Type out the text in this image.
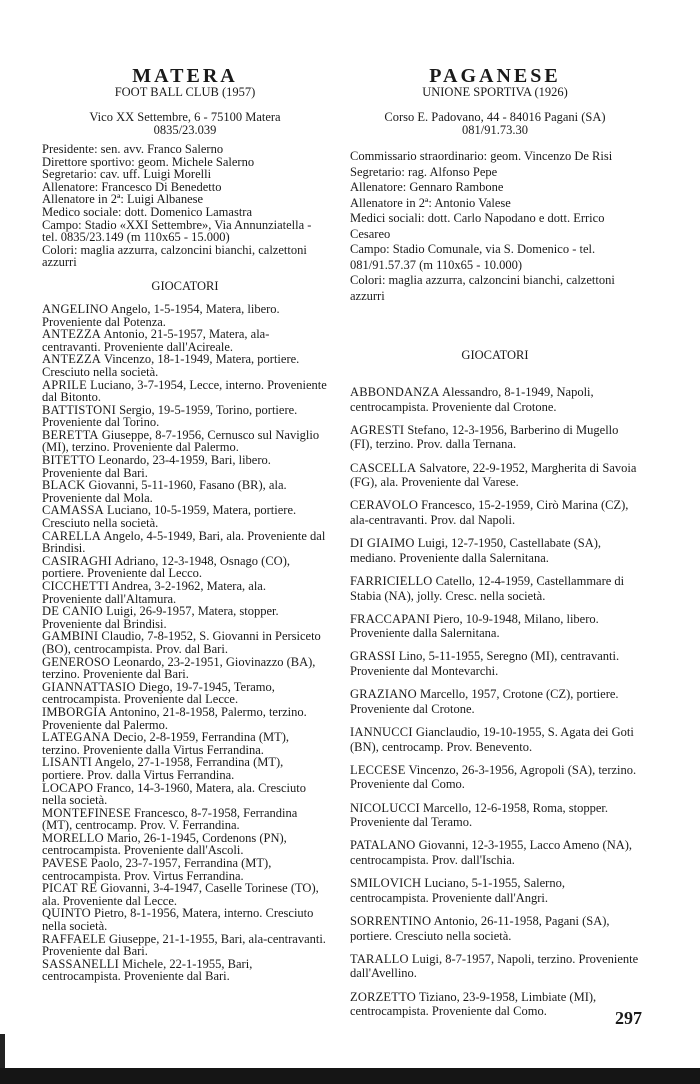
MATERA
FOOT BALL CLUB (1957)
Vico XX Settembre, 6 - 75100 Matera
0835/23.039

Presidente: sen. avv. Franco Salerno

Direttore sportivo: geom. Michele Salerno

Segretario: cav. uff. Luigi Morelli

Allenatore: Francesco Di Benedetto

Allenatore in 2ª: Luigi Albanese

Medico sociale: dott. Domenico Lamastra

Campo: Stadio «XXI Settembre», Via Annunziatella - tel. 0835/23.149 (m 110x65 - 15.000)

Colori: maglia azzurra, calzoncini bianchi, calzettoni azzurri

GIOCATORI

ANGELINO Angelo, 1-5-1954, Matera, libero. Proveniente dal Potenza.

ANTEZZA Antonio, 21-5-1957, Matera, ala-centravanti. Proveniente dall'Acireale.

ANTEZZA Vincenzo, 18-1-1949, Matera, portiere. Cresciuto nella società.

APRILE Luciano, 3-7-1954, Lecce, interno. Proveniente dal Bitonto.

BATTISTONI Sergio, 19-5-1959, Torino, portiere. Proveniente dal Torino.

BERETTA Giuseppe, 8-7-1956, Cernusco sul Naviglio (MI), terzino. Proveniente dal Palermo.

BITETTO Leonardo, 23-4-1959, Bari, libero. Proveniente dal Bari.

BLACK Giovanni, 5-11-1960, Fasano (BR), ala. Proveniente dal Mola.

CAMASSA Luciano, 10-5-1959, Matera, portiere. Cresciuto nella società.

CARELLA Angelo, 4-5-1949, Bari, ala. Proveniente dal Brindisi.

CASIRAGHI Adriano, 12-3-1948, Osnago (CO), portiere. Proveniente dal Lecco.

CICCHETTI Andrea, 3-2-1962, Matera, ala. Proveniente dall'Altamura.

DE CANIO Luigi, 26-9-1957, Matera, stopper. Proveniente dal Brindisi.

GAMBINI Claudio, 7-8-1952, S. Giovanni in Persiceto (BO), centrocampista. Prov. dal Bari.

GENEROSO Leonardo, 23-2-1951, Giovinazzo (BA), terzino. Proveniente dal Bari.

GIANNATTASIO Diego, 19-7-1945, Teramo, centrocampista. Proveniente dal Lecce.

IMBORGIA Antonino, 21-8-1958, Palermo, terzino. Proveniente dal Palermo.

LATEGANA Decio, 2-8-1959, Ferrandina (MT), terzino. Proveniente dalla Virtus Ferrandina.

LISANTI Angelo, 27-1-1958, Ferrandina (MT), portiere. Prov. dalla Virtus Ferrandina.

LOCAPO Franco, 14-3-1960, Matera, ala. Cresciuto nella società.

MONTEFINESE Francesco, 8-7-1958, Ferrandina (MT), centrocamp. Prov. V. Ferrandina.

MORELLO Mario, 26-1-1945, Cordenons (PN), centrocampista. Proveniente dall'Ascoli.

PAVESE Paolo, 23-7-1957, Ferrandina (MT), centrocampista. Prov. Virtus Ferrandina.

PICAT RE Giovanni, 3-4-1947, Caselle Torinese (TO), ala. Proveniente dal Lecce.

QUINTO Pietro, 8-1-1956, Matera, interno. Cresciuto nella società.

RAFFAELE Giuseppe, 21-1-1955, Bari, ala-centravanti. Proveniente dal Bari.

SASSANELLI Michele, 22-1-1955, Bari, centrocampista. Proveniente dal Bari.

PAGANESE
UNIONE SPORTIVA (1926)
Corso E. Padovano, 44 - 84016 Pagani (SA)
081/91.73.30

Commissario straordinario: geom. Vincenzo De Risi

Segretario: rag. Alfonso Pepe

Allenatore: Gennaro Rambone

Allenatore in 2ª: Antonio Valese

Medici sociali: dott. Carlo Napodano e dott. Errico Cesareo

Campo: Stadio Comunale, via S. Domenico - tel. 081/91.57.37 (m 110x65 - 10.000)

Colori: maglia azzurra, calzoncini bianchi, calzettoni azzurri

GIOCATORI

ABBONDANZA Alessandro, 8-1-1949, Napoli, centrocampista. Proveniente dal Crotone.

AGRESTI Stefano, 12-3-1956, Barberino di Mugello (FI), terzino. Prov. dalla Ternana.

CASCELLA Salvatore, 22-9-1952, Margherita di Savoia (FG), ala. Proveniente dal Varese.

CERAVOLO Francesco, 15-2-1959, Cirò Marina (CZ), ala-centravanti. Prov. dal Napoli.

DI GIAIMO Luigi, 12-7-1950, Castellabate (SA), mediano. Proveniente dalla Salernitana.

FARRICIELLO Catello, 12-4-1959, Castellammare di Stabia (NA), jolly. Cresc. nella società.

FRACCAPANI Piero, 10-9-1948, Milano, libero. Proveniente dalla Salernitana.

GRASSI Lino, 5-11-1955, Seregno (MI), centravanti. Proveniente dal Montevarchi.

GRAZIANO Marcello, 1957, Crotone (CZ), portiere. Proveniente dal Crotone.

IANNUCCI Gianclaudio, 19-10-1955, S. Agata dei Goti (BN), centrocamp. Prov. Benevento.

LECCESE Vincenzo, 26-3-1956, Agropoli (SA), terzino. Proveniente dal Como.

NICOLUCCI Marcello, 12-6-1958, Roma, stopper. Proveniente dal Teramo.

PATALANO Giovanni, 12-3-1955, Lacco Ameno (NA), centrocampista. Prov. dall'Ischia.

SMILOVICH Luciano, 5-1-1955, Salerno, centrocampista. Proveniente dall'Angri.

SORRENTINO Antonio, 26-11-1958, Pagani (SA), portiere. Cresciuto nella società.

TARALLO Luigi, 8-7-1957, Napoli, terzino. Proveniente dall'Avellino.

ZORZETTO Tiziano, 23-9-1958, Limbiate (MI), centrocampista. Proveniente dal Como.	297
